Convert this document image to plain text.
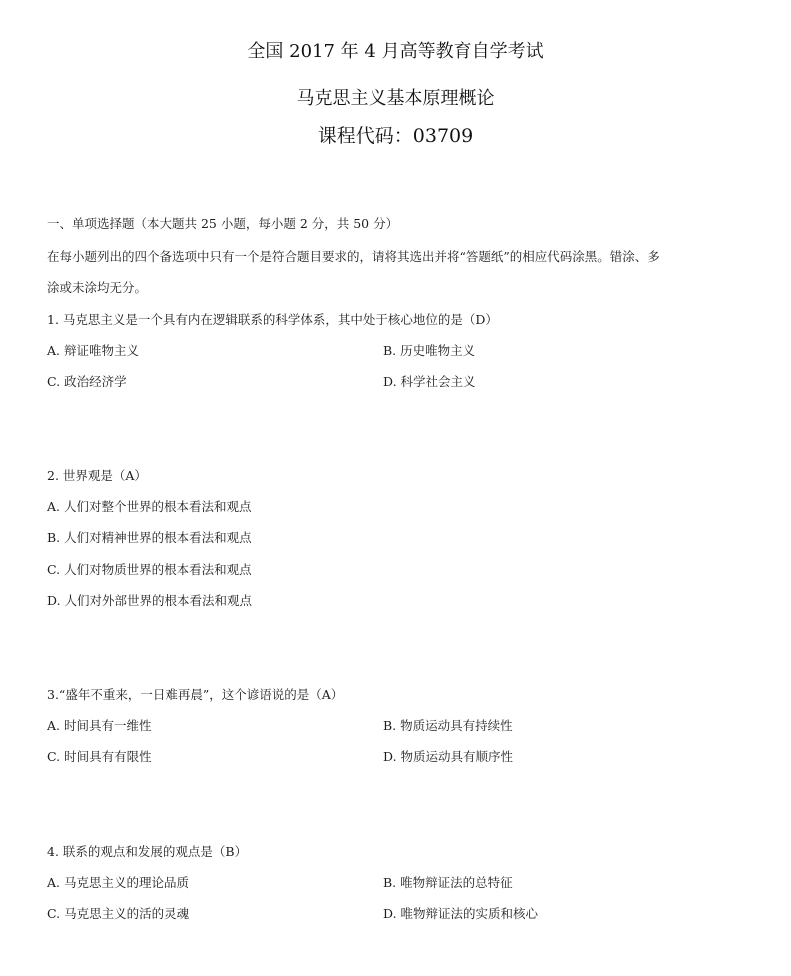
全国 2017 年 4 月高等教育自学考试
马克思主义基本原理概论
课程代码：03709
一、单项选择题（本大题共 25 小题，每小题 2 分，共 50 分）
在每小题列出的四个备选项中只有一个是符合题目要求的，请将其选出并将“答题纸”的相应代码涂黑。错涂、多
涂或未涂均无分。
1. 马克思主义是一个具有内在逻辑联系的科学体系，其中处于核心地位的是（D）
A. 辩证唯物主义	B. 历史唯物主义
C. 政治经济学	D. 科学社会主义
2. 世界观是（A）
A. 人们对整个世界的根本看法和观点
B. 人们对精神世界的根本看法和观点
C. 人们对物质世界的根本看法和观点
D. 人们对外部世界的根本看法和观点
3.“盛年不重来，一日难再晨”，这个谚语说的是（A）
A. 时间具有一维性	B. 物质运动具有持续性
C. 时间具有有限性	D. 物质运动具有顺序性
4. 联系的观点和发展的观点是（B）
A. 马克思主义的理论品质	B. 唯物辩证法的总特征
C. 马克思主义的活的灵魂	D. 唯物辩证法的实质和核心
